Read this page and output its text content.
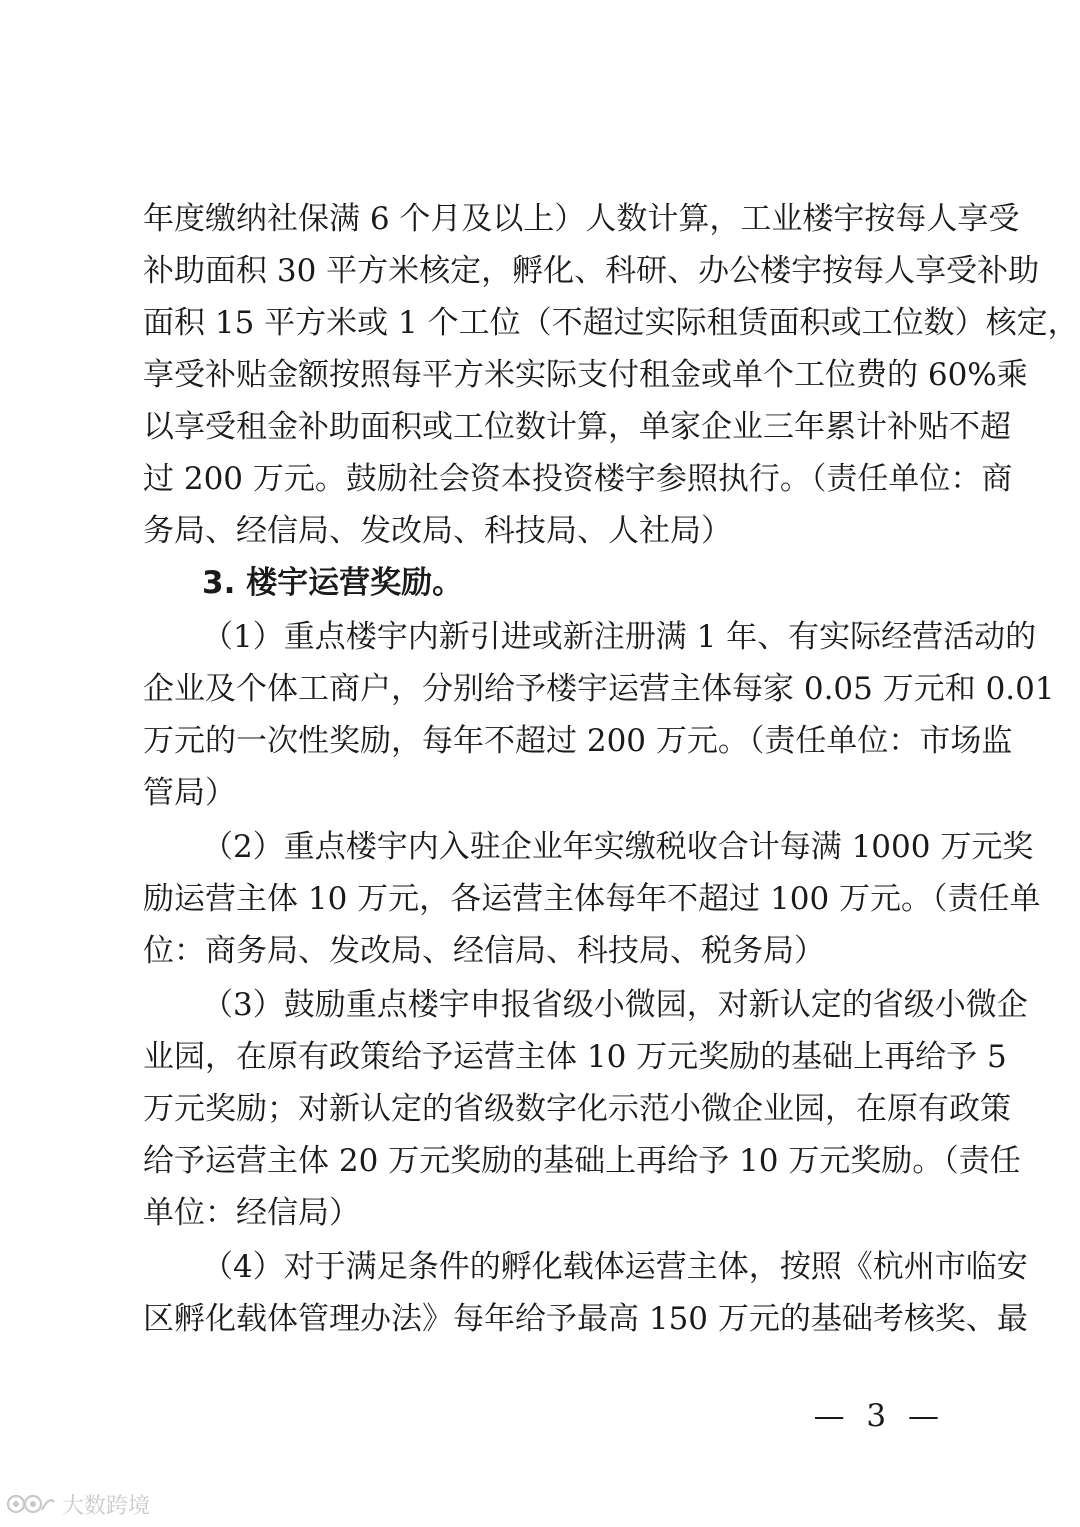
年度缴纳社保满 6 个月及以上）人数计算，工业楼宇按每人享受
补助面积 30 平方米核定，孵化、科研、办公楼宇按每人享受补助
面积 15 平方米或 1 个工位（不超过实际租赁面积或工位数）核定，
享受补贴金额按照每平方米实际支付租金或单个工位费的 60%乘
以享受租金补助面积或工位数计算，单家企业三年累计补贴不超
过 200 万元。鼓励社会资本投资楼宇参照执行。（责任单位：商
务局、经信局、发改局、科技局、人社局）
3. 楼宇运营奖励。
（1）重点楼宇内新引进或新注册满 1 年、有实际经营活动的
企业及个体工商户，分别给予楼宇运营主体每家 0.05 万元和 0.01
万元的一次性奖励，每年不超过 200 万元。（责任单位：市场监
管局）
（2）重点楼宇内入驻企业年实缴税收合计每满 1000 万元奖
励运营主体 10 万元，各运营主体每年不超过 100 万元。（责任单
位：商务局、发改局、经信局、科技局、税务局）
（3）鼓励重点楼宇申报省级小微园，对新认定的省级小微企
业园，在原有政策给予运营主体 10 万元奖励的基础上再给予 5
万元奖励；对新认定的省级数字化示范小微企业园，在原有政策
给予运营主体 20 万元奖励的基础上再给予 10 万元奖励。（责任
单位：经信局）
（4）对于满足条件的孵化载体运营主体，按照《杭州市临安
区孵化载体管理办法》每年给予最高 150 万元的基础考核奖、最
— 3 —
大数跨境
